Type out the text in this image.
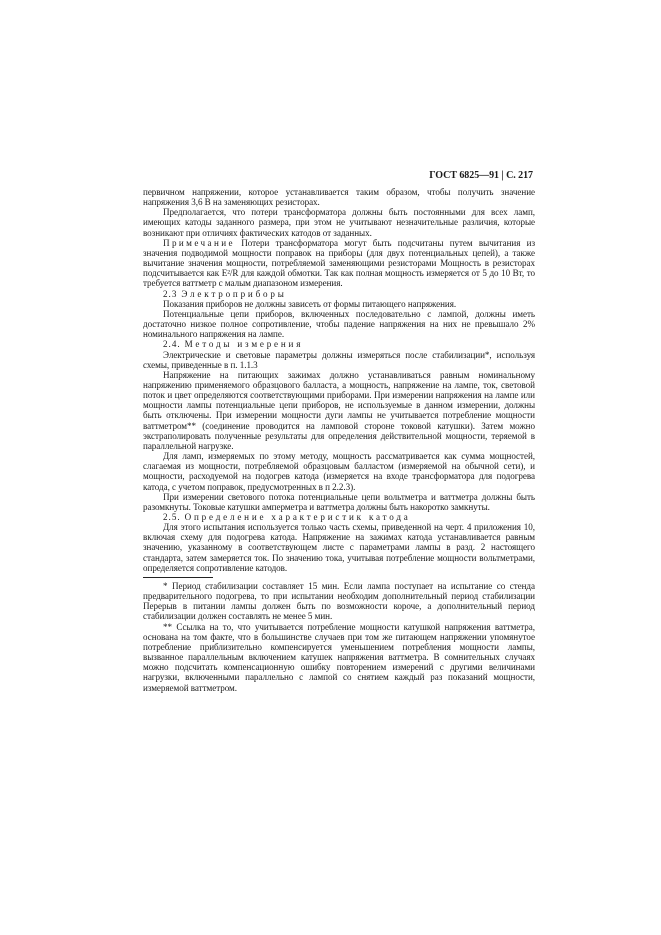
ГОСТ 6825—91 | С. 217

первичном напряжении, которое устанавливается таким образом, чтобы получить значение напряжения 3,6 В на заменяющих резисторах.

Предполагается, что потери трансформатора должны быть постоянными для всех ламп, имеющих катоды заданного размера, при этом не учитывают незначительные различия, которые возникают при отличиях фактических катодов от заданных.

Примечание Потери трансформатора могут быть подсчитаны путем вычитания из значения подводимой мощности поправок на приборы (для двух потенциальных цепей), а также вычитание значения мощности, потребляемой заменяющими резисторами Мощность в резисторах подсчитывается как E²/R для каждой обмотки. Так как полная мощность измеряется от 5 до 10 Вт, то требуется ваттметр с малым диапазоном измерения.

2.3 Электроприборы

Показания приборов не должны зависеть от формы питающего напряжения.

Потенциальные цепи приборов, включенных последовательно с лампой, должны иметь достаточно низкое полное сопротивление, чтобы падение напряжения на них не превышало 2% номинального напряжения на лампе.

2.4. Методы измерения

Электрические и световые параметры должны измеряться после стабилизации*, используя схемы, приведенные в п. 1.1.3

Напряжение на питающих зажимах должно устанавливаться равным номинальному напряжению применяемого образцового балласта, а мощность, напряжение на лампе, ток, световой поток и цвет определяются соответствующими приборами. При измерении напряжения на лампе или мощности лампы потенциальные цепи приборов, не используемые в данном измерении, должны быть отключены. При измерении мощности дуги лампы не учитывается потребление мощности ваттметром** (соединение проводится на ламповой стороне токовой катушки). Затем можно экстраполировать полученные результаты для определения действительной мощности, теряемой в параллельной нагрузке.

Для ламп, измеряемых по этому методу, мощность рассматривается как сумма мощностей, слагаемая из мощности, потребляемой образцовым балластом (измеряемой на обычной сети), и мощности, расходуемой на подогрев катода (измеряется на входе трансформатора для подогрева катода, с учетом поправок, предусмотренных в п 2.2.3).

При измерении светового потока потенциальные цепи вольтметра и ваттметра должны быть разомкнуты. Токовые катушки амперметра и ваттметра должны быть накоротко замкнуты.

2.5. Определение характеристик катода

Для этого испытания используется только часть схемы, приведенной на черт. 4 приложения 10, включая схему для подогрева катода. Напряжение на зажимах катода устанавливается равным значению, указанному в соответствующем листе с параметрами лампы в разд. 2 настоящего стандарта, затем замеряется ток. По значению тока, учитывая потребление мощности вольтметрами, определяется сопротивление катодов.

* Период стабилизации составляет 15 мин. Если лампа поступает на испытание со стенда предварительного подогрева, то при испытании необходим дополнительный период стабилизации Перерыв в питании лампы должен быть по возможности короче, а дополнительный период стабилизации должен составлять не менее 5 мин.

** Ссылка на то, что учитывается потребление мощности катушкой напряжения ваттметра, основана на том факте, что в большинстве случаев при том же питающем напряжении упомянутое потребление приблизительно компенсируется уменьшением потребления мощности лампы, вызванное параллельным включением катушек напряжения ваттметра. В сомнительных случаях можно подсчитать компенсационную ошибку повторением измерений с другими величинами нагрузки, включенными параллельно с лампой со снятием каждый раз показаний мощности, измеряемой ваттметром.
